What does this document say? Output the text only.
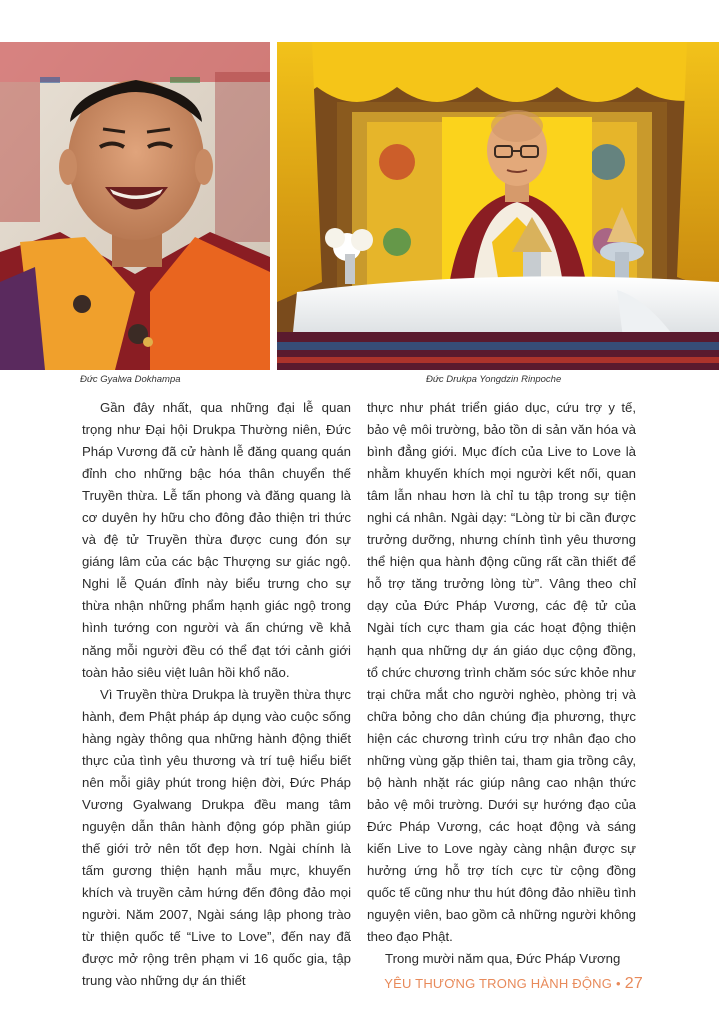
Đức Gyalwa Dokhampa	Đức Drukpa Yongdzin Rinpoche

Gần đây nhất, qua những đại lễ quan trọng như Đại hội Drukpa Thường niên, Đức Pháp Vương đã cử hành lễ đăng quang quán đỉnh cho những bậc hóa thân chuyển thế Truyền thừa. Lễ tấn phong và đăng quang là cơ duyên hy hữu cho đông đảo thiện tri thức và đệ tử Truyền thừa được cung đón sự giáng lâm của các bậc Thượng sư giác ngộ. Nghi lễ Quán đỉnh này biểu trưng cho sự thừa nhận những phẩm hạnh giác ngộ trong hình tướng con người và ấn chứng về khả năng mỗi người đều có thể đạt tới cảnh giới toàn hảo siêu việt luân hồi khổ não.

Vì Truyền thừa Drukpa là truyền thừa thực hành, đem Phật pháp áp dụng vào cuộc sống hàng ngày thông qua những hành động thiết thực của tình yêu thương và trí tuệ hiểu biết nên mỗi giây phút trong hiện đời, Đức Pháp Vương Gyalwang Drukpa đều mang tâm nguyện dẫn thân hành động góp phần giúp thế giới trở nên tốt đẹp hơn. Ngài chính là tấm gương thiện hạnh mẫu mực, khuyến khích và truyền cảm hứng đến đông đảo mọi người. Năm 2007, Ngài sáng lập phong trào từ thiện quốc tế “Live to Love”, đến nay đã được mở rộng trên phạm vi 16 quốc gia, tập trung vào những dự án thiết

thực như phát triển giáo dục, cứu trợ y tế, bảo vệ môi trường, bảo tồn di sản văn hóa và bình đẳng giới. Mục đích của Live to Love là nhằm khuyến khích mọi người kết nối, quan tâm lẫn nhau hơn là chỉ tu tập trong sự tiện nghi cá nhân. Ngài dạy: “Lòng từ bi cần được trưởng dưỡng, nhưng chính tình yêu thương thể hiện qua hành động cũng rất cần thiết để hỗ trợ tăng trưởng lòng từ”. Vâng theo chỉ dạy của Đức Pháp Vương, các đệ tử của Ngài tích cực tham gia các hoạt động thiện hạnh qua những dự án giáo dục cộng đồng, tổ chức chương trình chăm sóc sức khỏe như trại chữa mắt cho người nghèo, phòng trị và chữa bỏng cho dân chúng địa phương, thực hiện các chương trình cứu trợ nhân đạo cho những vùng gặp thiên tai, tham gia trồng cây, bộ hành nhặt rác giúp nâng cao nhận thức bảo vệ môi trường. Dưới sự hướng đạo của Đức Pháp Vương, các hoạt động và sáng kiến Live to Love ngày càng nhận được sự hưởng ứng hỗ trợ tích cực từ cộng đồng quốc tế cũng như thu hút đông đảo nhiều tình nguyện viên, bao gồm cả những người không theo đạo Phật.

Trong mười năm qua, Đức Pháp Vương

YÊU THƯƠNG TRONG HÀNH ĐỘNG • 27
